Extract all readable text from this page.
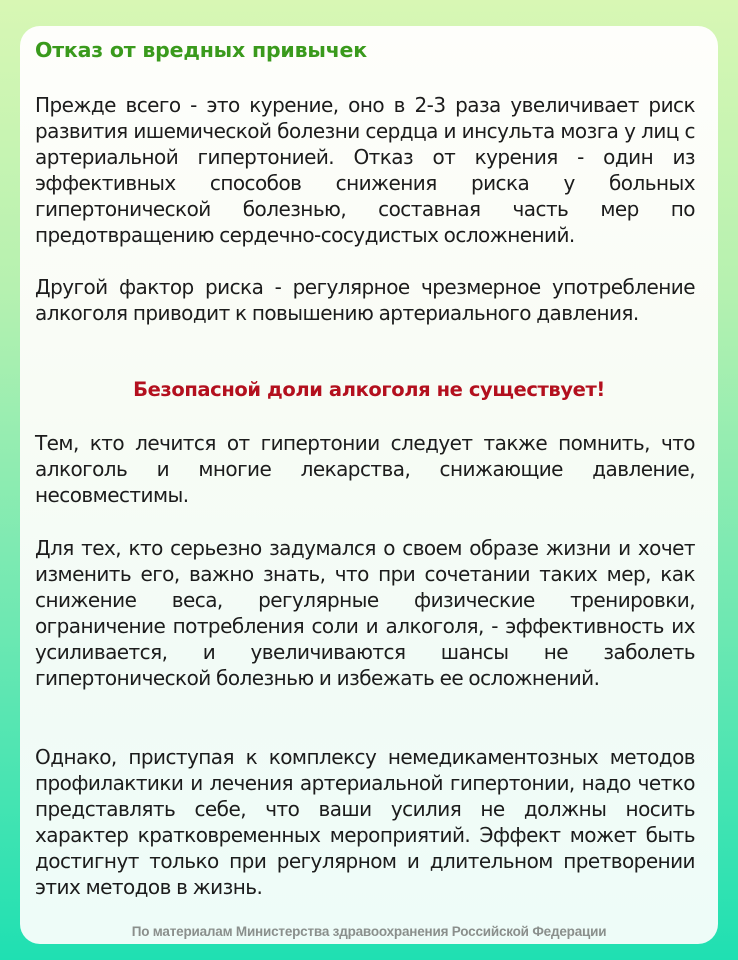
Отказ от вредных привычек
Прежде всего - это курение, оно в 2-3 раза увеличивает риск развития ишемической болезни сердца и инсульта мозга у лиц с артериальной гипертонией. Отказ от курения - один из эффективных способов снижения риска у больных гипертонической болезнью, составная часть мер по предотвращению сердечно-сосудистых осложнений.
Другой фактор риска - регулярное чрезмерное употребление алкоголя приводит к повышению артериального давления.
Безопасной доли алкоголя не существует!
Тем, кто лечится от гипертонии следует также помнить, что алкоголь и многие лекарства, снижающие давление, несовместимы.
Для тех, кто серьезно задумался о своем образе жизни и хочет изменить его, важно знать, что при сочетании таких мер, как снижение веса, регулярные физические тренировки, ограничение потребления соли и алкоголя, - эффективность их усиливается, и увеличиваются шансы не заболеть гипертонической болезнью и избежать ее осложнений.
Однако, приступая к комплексу немедикаментозных методов профилактики и лечения артериальной гипертонии, надо четко представлять себе, что ваши усилия не должны носить характер кратковременных мероприятий. Эффект может быть достигнут только при регулярном и длительном претворении этих методов в жизнь.
По материалам Министерства здравоохранения Российской Федерации
